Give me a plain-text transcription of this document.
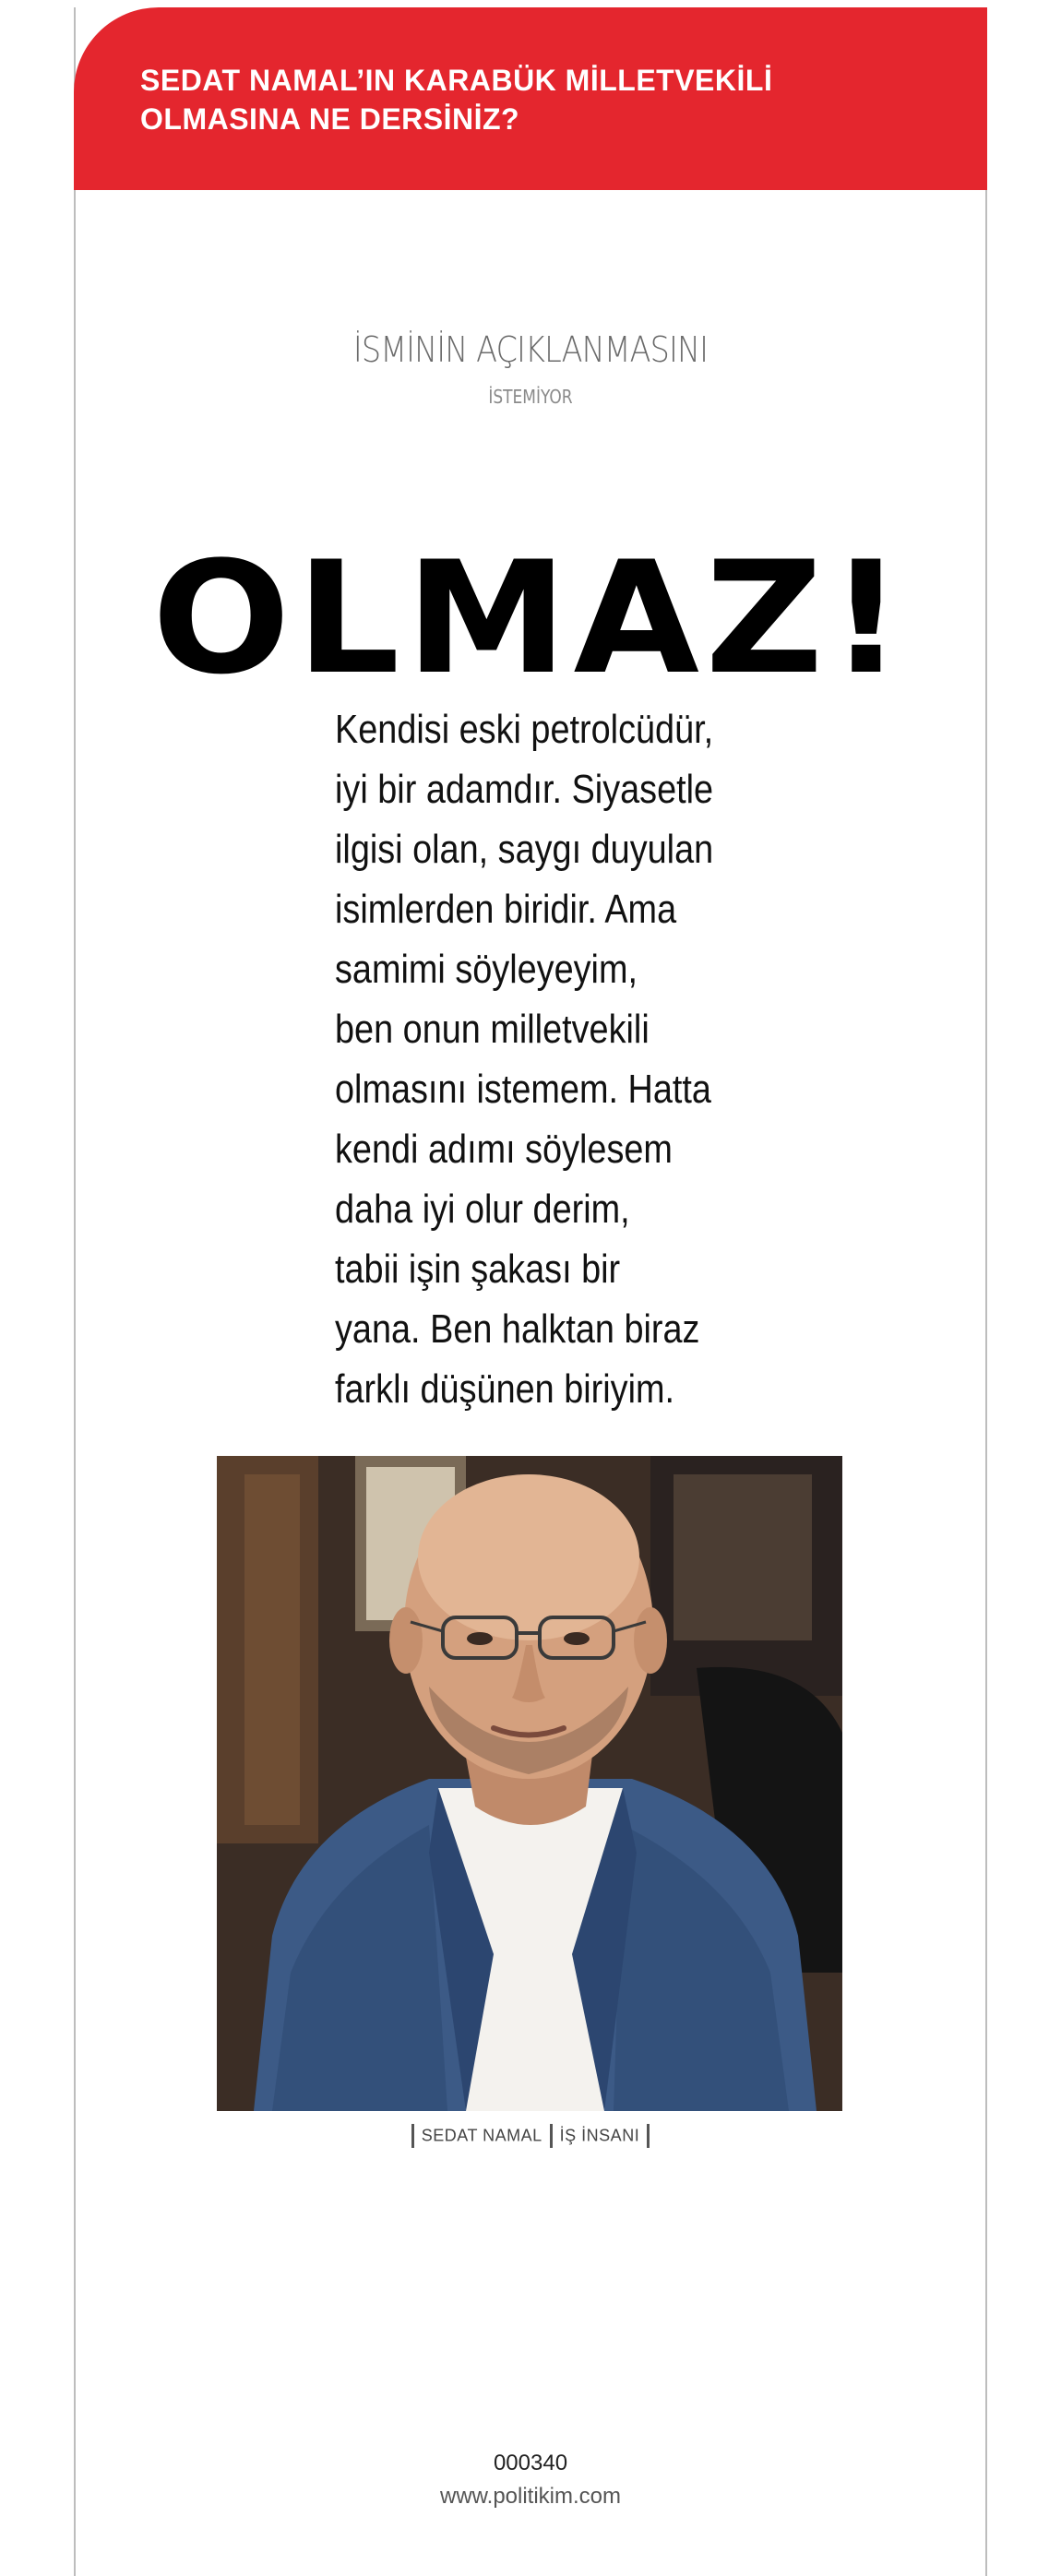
SEDAT NAMAL’IN KARABÜK MİLLETVEKİLİ
OLMASINA NE DERSİNİZ?
İSMİNİN AÇIKLANMASINI
İSTEMİYOR
OLMAZ!
Kendisi eski petrolcüdür,
iyi bir adamdır. Siyasetle
ilgisi olan, saygı duyulan
isimlerden biridir. Ama
samimi söyleyeyim,
ben onun milletvekili
olmasını istemem. Hatta
kendi adımı söylesem
daha iyi olur derim,
tabii işin şakası bir
yana. Ben halktan biraz
farklı düşünen biriyim.
SEDAT NAMAL İŞ İNSANI
000340
www.politikim.com
